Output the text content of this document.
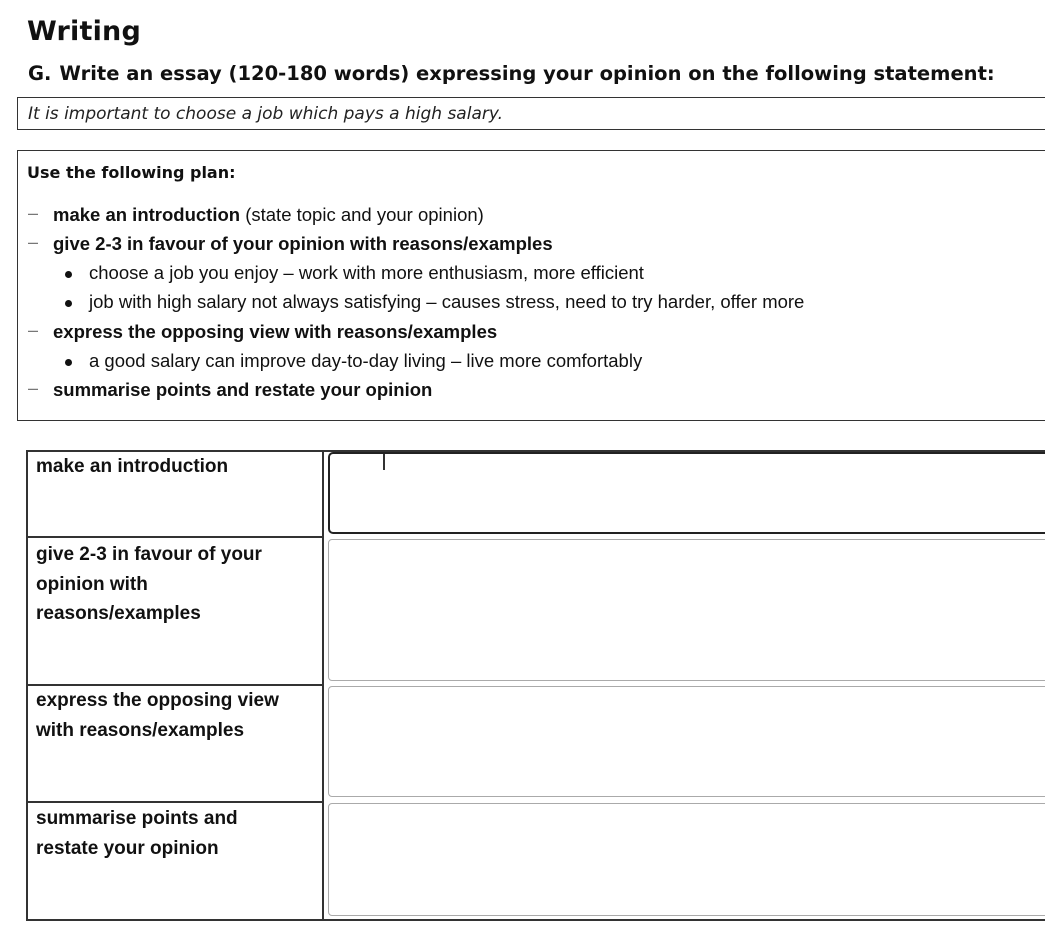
Writing
G. Write an essay (120-180 words) expressing your opinion on the following statement:
It is important to choose a job which pays a high salary.
Use the following plan:
– make an introduction (state topic and your opinion)
– give 2-3 in favour of your opinion with reasons/examples
choose a job you enjoy – work with more enthusiasm, more efficient
job with high salary not always satisfying – causes stress, need to try harder, offer more
– express the opposing view with reasons/examples
a good salary can improve day-to-day living – live more comfortably
– summarise points and restate your opinion
make an introduction
give 2-3 in favour of your
opinion with
reasons/examples
express the opposing view
with reasons/examples
summarise points and
restate your opinion
